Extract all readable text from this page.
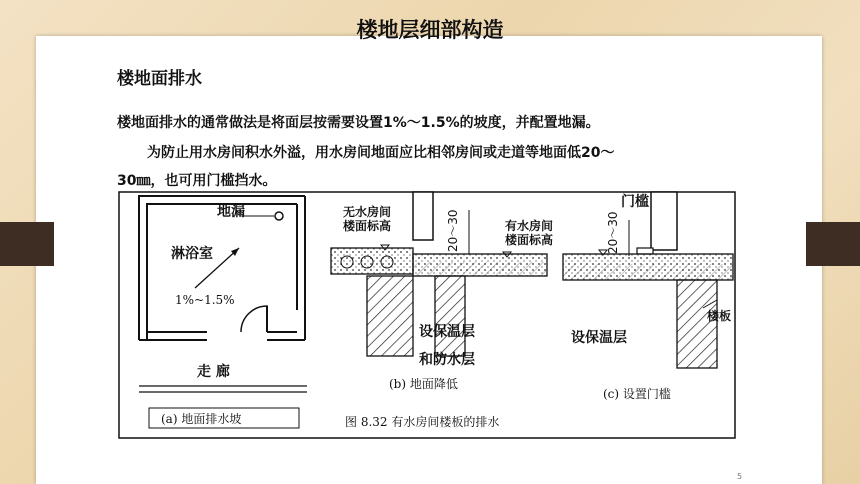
楼地层细部构造
楼地面排水
楼地面排水的通常做法是将面层按需要设置1%～1.5%的坡度，并配置地漏。
为防止用水房间积水外溢，用水房间地面应比相邻房间或走道等地面低20～
30㎜，也可用门槛挡水。
地漏
淋浴室
1%~1.5%
走 廊
(a) 地面排水坡
无水房间
楼面标高	20～30	有水房间
楼面标高
设保温层
和防水层
(b) 地面降低
门槛
20～30
楼板
设保温层
(c) 设置门槛
图 8.32 有水房间楼板的排水
5
